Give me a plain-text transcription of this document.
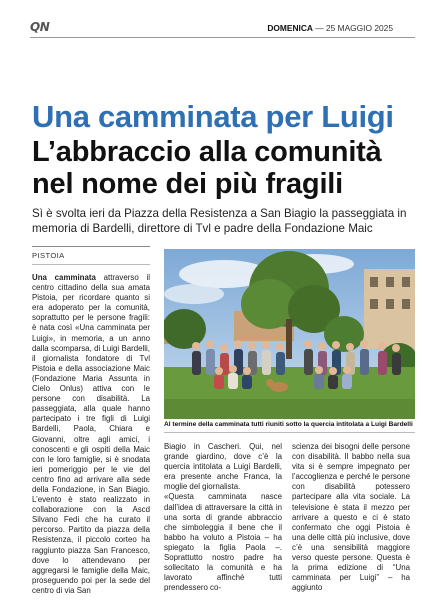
QN	DOMENICA — 25 MAGGIO 2025
Una camminata per Luigi
L’abbraccio alla comunità
nel nome dei più fragili
Sì è svolta ieri da Piazza della Resistenza a San Biagio la passeggiata in memoria di Bardelli, direttore di Tvl e padre della Fondazione Maic
PISTOIA
Una camminata attraverso il centro cittadino della sua amata Pistoia, per ricordare quanto si era adoperato per la comunità, soprattutto per le persone fragili: è nata così «Una camminata per Luigi», in memoria, a un anno dalla scomparsa, di Luigi Bardelli, il giornalista fondatore di Tvl Pistoia e della associazione Maic (Fondazione Maria Assunta in Cielo Onlus) attiva con le persone con disabilità. La passeggiata, alla quale hanno partecipato i tre figli di Luigi Bardelli, Paola, Chiara e Giovanni, oltre agli amici, i conoscenti e gli ospiti della Maic con le loro famiglie, si è snodata ieri pomeriggio per le vie del centro fino ad arrivare alla sede della Fondazione, in San Biagio. L’evento è stato realizzato in collaborazione con la Ascd Silvano Fedi che ha curato il percorso. Partito da piazza della Resistenza, il piccolo corteo ha raggiunto piazza San Francesco, dove lo attendevano per aggregarsi le famiglie della Maic, proseguendo poi per la sede del centro di via San
Al termine della camminata tutti riuniti sotto la quercia intitolata a Luigi Bardelli
Biagio in Cascheri. Qui, nel grande giardino, dove c’è la quercia intitolata a Luigi Bardelli, era presente anche Franca, la moglie del giornalista.
«Questa camminata nasce dall’idea di attraversare la città in una sorta di grande abbraccio che simboleggia il bene che il babbo ha voluto a Pistoia – ha spiegato la figlia Paola –. Soprattutto nostro padre ha sollecitato la comunità e ha lavorato affinché tutti prendessero co-
scienza dei bisogni delle persone con disabilità. Il babbo nella sua vita si è sempre impegnato per l’accoglienza e perché le persone con disabilità potessero partecipare alla vita sociale. La televisione è stata il mezzo per arrivare a questo e ci è stato confermato che oggi Pistoia è una delle città più inclusive, dove c’è una sensibilità maggiore verso queste persone. Questa è la prima edizione di “Una camminata per Luigi” – ha aggiunto
